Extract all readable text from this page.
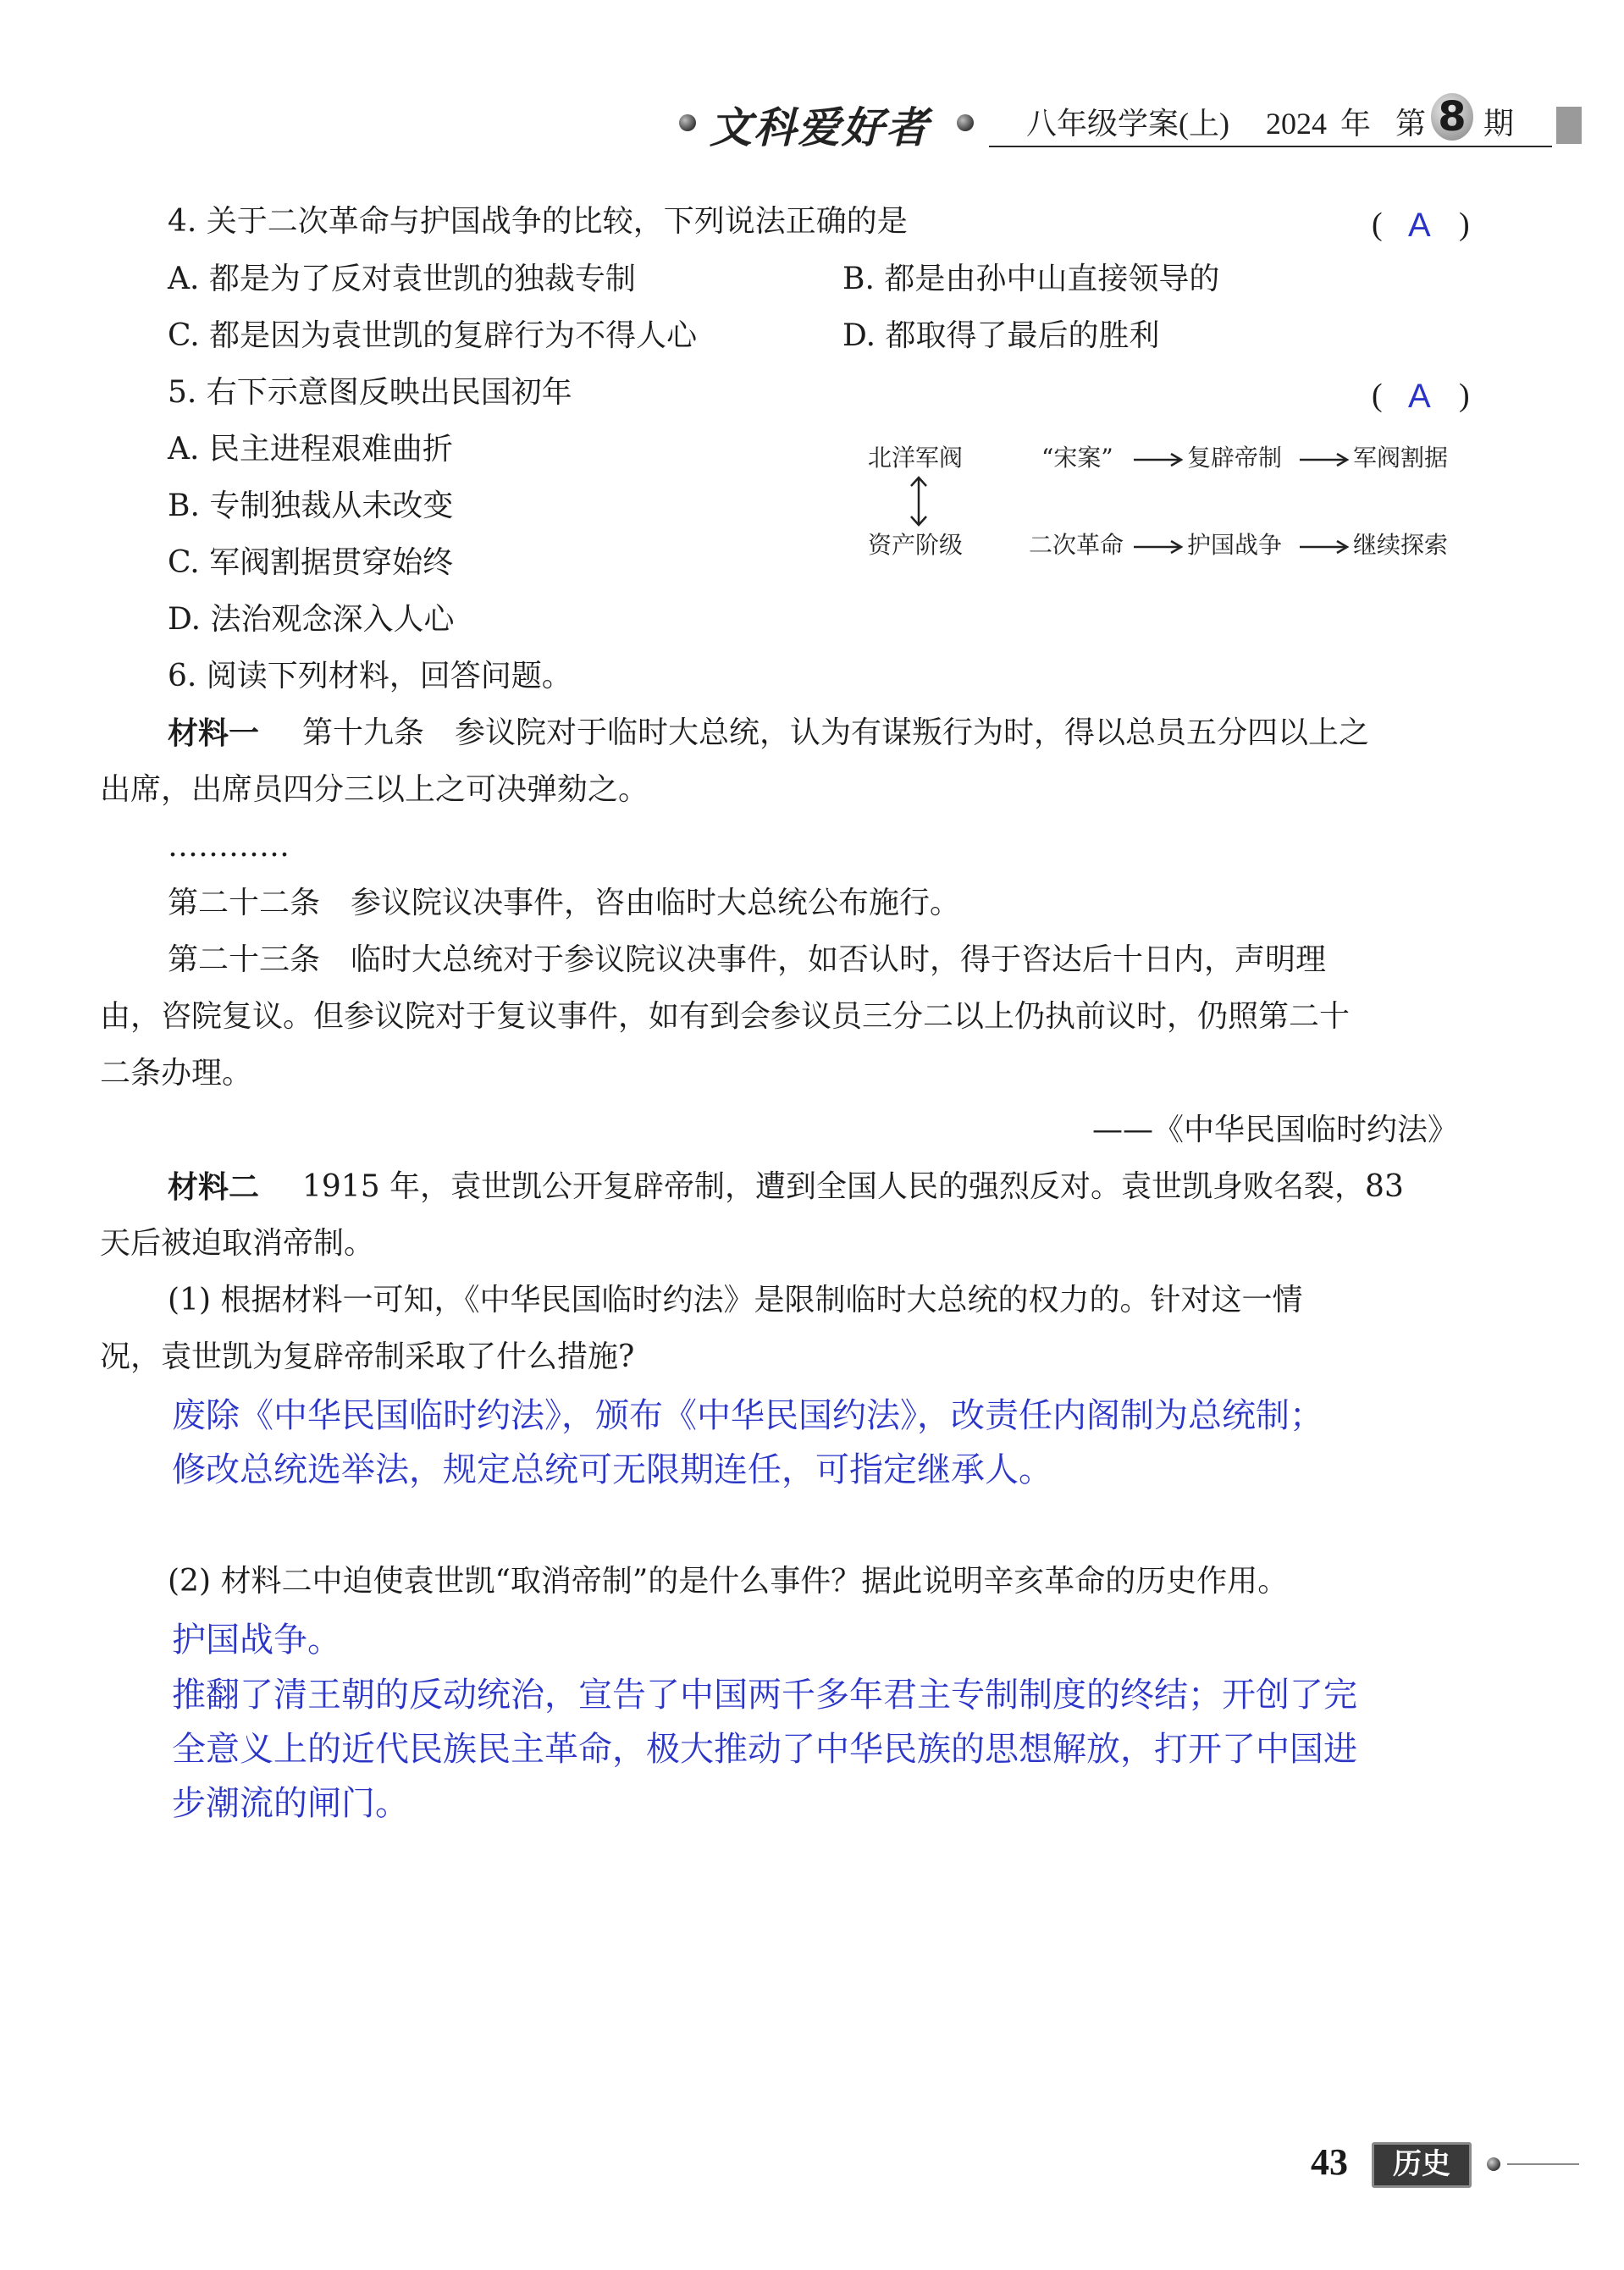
文科爱好者	八年级学案(上) 2024 年 第 8 期
4. 关于二次革命与护国战争的比较，下列说法正确的是	( A )
A. 都是为了反对袁世凯的独裁专制	B. 都是由孙中山直接领导的
C. 都是因为袁世凯的复辟行为不得人心	D. 都取得了最后的胜利
5. 右下示意图反映出民国初年	( A )
A. 民主进程艰难曲折
B. 专制独裁从未改变
C. 军阀割据贯穿始终
D. 法治观念深入人心
北洋军阀
资产阶级
“宋案”	复辟帝制	军阀割据
二次革命	护国战争	继续探索
6. 阅读下列材料，回答问题。
材料一 第十九条　参议院对于临时大总统，认为有谋叛行为时，得以总员五分四以上之
出席，出席员四分三以上之可决弹劾之。
…………
第二十二条　参议院议决事件，咨由临时大总统公布施行。
第二十三条　临时大总统对于参议院议决事件，如否认时，得于咨达后十日内，声明理
由，咨院复议。但参议院对于复议事件，如有到会参议员三分二以上仍执前议时，仍照第二十
二条办理。
——《中华民国临时约法》
材料二 1915 年，袁世凯公开复辟帝制，遭到全国人民的强烈反对。袁世凯身败名裂，83
天后被迫取消帝制。
(1) 根据材料一可知，《中华民国临时约法》是限制临时大总统的权力的。针对这一情
况，袁世凯为复辟帝制采取了什么措施?
废除《中华民国临时约法》，颁布《中华民国约法》，改责任内阁制为总统制；
修改总统选举法，规定总统可无限期连任，可指定继承人。
(2) 材料二中迫使袁世凯“取消帝制”的是什么事件？据此说明辛亥革命的历史作用。
护国战争。
推翻了清王朝的反动统治，宣告了中国两千多年君主专制制度的终结；开创了完
全意义上的近代民族民主革命，极大推动了中华民族的思想解放，打开了中国进
步潮流的闸门。
43	历史
